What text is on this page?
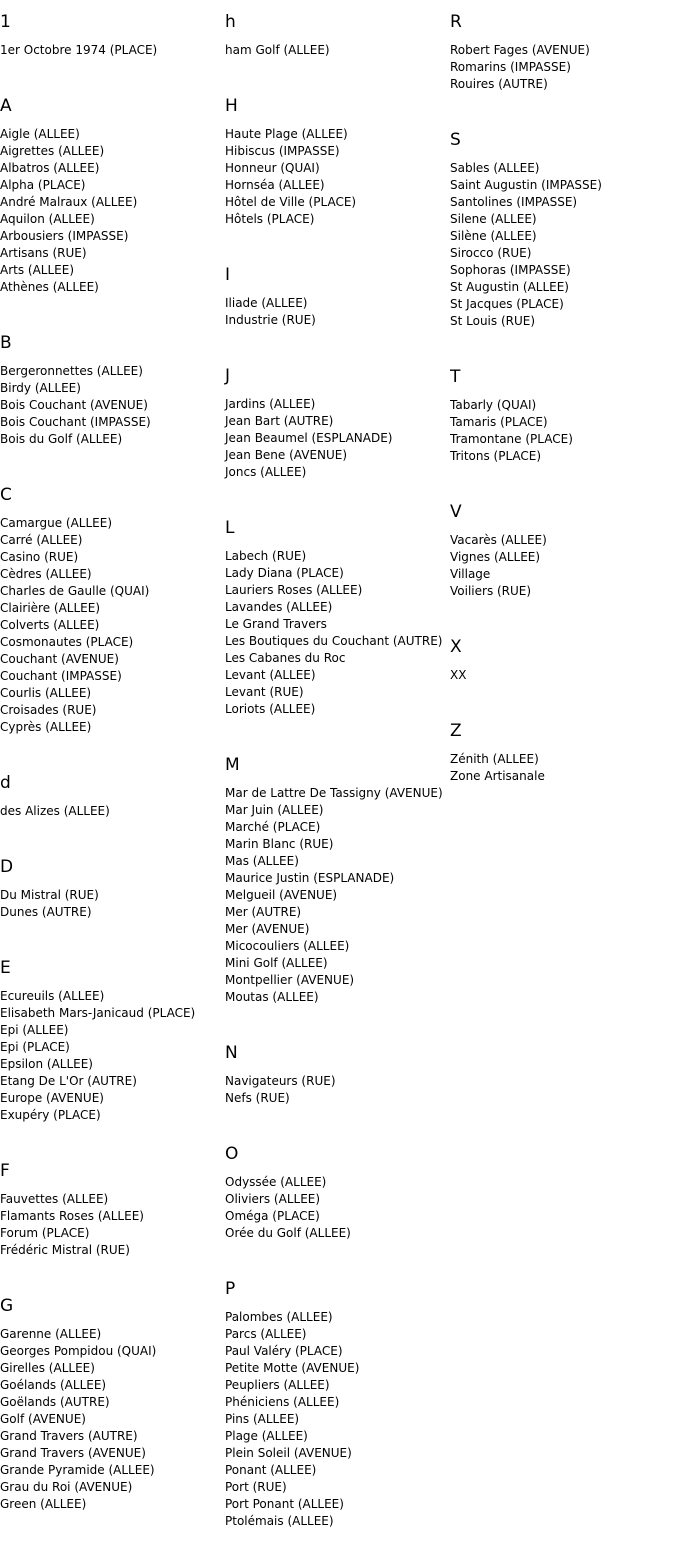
1
1er Octobre 1974 (PLACE)
A
Aigle (ALLEE)
Aigrettes (ALLEE)
Albatros (ALLEE)
Alpha (PLACE)
André Malraux (ALLEE)
Aquilon (ALLEE)
Arbousiers (IMPASSE)
Artisans (RUE)
Arts (ALLEE)
Athènes (ALLEE)
B
Bergeronnettes (ALLEE)
Birdy (ALLEE)
Bois Couchant (AVENUE)
Bois Couchant (IMPASSE)
Bois du Golf (ALLEE)
C
Camargue (ALLEE)
Carré (ALLEE)
Casino (RUE)
Cèdres (ALLEE)
Charles de Gaulle (QUAI)
Clairière (ALLEE)
Colverts (ALLEE)
Cosmonautes (PLACE)
Couchant (AVENUE)
Couchant (IMPASSE)
Courlis (ALLEE)
Croisades (RUE)
Cyprès (ALLEE)
d
des Alizes (ALLEE)
D
Du Mistral (RUE)
Dunes (AUTRE)
E
Ecureuils (ALLEE)
Elisabeth Mars-Janicaud (PLACE)
Epi (ALLEE)
Epi (PLACE)
Epsilon (ALLEE)
Etang De L'Or (AUTRE)
Europe (AVENUE)
Exupéry (PLACE)
F
Fauvettes (ALLEE)
Flamants Roses (ALLEE)
Forum (PLACE)
Frédéric Mistral (RUE)
G
Garenne (ALLEE)
Georges Pompidou (QUAI)
Girelles (ALLEE)
Goélands (ALLEE)
Goëlands (AUTRE)
Golf (AVENUE)
Grand Travers (AUTRE)
Grand Travers (AVENUE)
Grande Pyramide (ALLEE)
Grau du Roi (AVENUE)
Green (ALLEE)
h
ham Golf (ALLEE)
H
Haute Plage (ALLEE)
Hibiscus (IMPASSE)
Honneur (QUAI)
Hornséa (ALLEE)
Hôtel de Ville (PLACE)
Hôtels (PLACE)
I
Iliade (ALLEE)
Industrie (RUE)
J
Jardins (ALLEE)
Jean Bart (AUTRE)
Jean Beaumel (ESPLANADE)
Jean Bene (AVENUE)
Joncs (ALLEE)
L
Labech (RUE)
Lady Diana (PLACE)
Lauriers Roses (ALLEE)
Lavandes (ALLEE)
Le Grand Travers
Les Boutiques du Couchant (AUTRE)
Les Cabanes du Roc
Levant (ALLEE)
Levant (RUE)
Loriots (ALLEE)
M
Mar de Lattre De Tassigny (AVENUE)
Mar Juin (ALLEE)
Marché (PLACE)
Marin Blanc (RUE)
Mas (ALLEE)
Maurice Justin (ESPLANADE)
Melgueil (AVENUE)
Mer (AUTRE)
Mer (AVENUE)
Micocouliers (ALLEE)
Mini Golf (ALLEE)
Montpellier (AVENUE)
Moutas (ALLEE)
N
Navigateurs (RUE)
Nefs (RUE)
O
Odyssée (ALLEE)
Oliviers (ALLEE)
Oméga (PLACE)
Orée du Golf (ALLEE)
P
Palombes (ALLEE)
Parcs (ALLEE)
Paul Valéry (PLACE)
Petite Motte (AVENUE)
Peupliers (ALLEE)
Phéniciens (ALLEE)
Pins (ALLEE)
Plage (ALLEE)
Plein Soleil (AVENUE)
Ponant (ALLEE)
Port (RUE)
Port Ponant (ALLEE)
Ptolémais (ALLEE)
R
Robert Fages (AVENUE)
Romarins (IMPASSE)
Rouires (AUTRE)
S
Sables (ALLEE)
Saint Augustin (IMPASSE)
Santolines (IMPASSE)
Silene (ALLEE)
Silène (ALLEE)
Sirocco (RUE)
Sophoras (IMPASSE)
St Augustin (ALLEE)
St Jacques (PLACE)
St Louis (RUE)
T
Tabarly (QUAI)
Tamaris (PLACE)
Tramontane (PLACE)
Tritons (PLACE)
V
Vacarès (ALLEE)
Vignes (ALLEE)
Village
Voiliers (RUE)
X
XX
Z
Zénith (ALLEE)
Zone Artisanale
